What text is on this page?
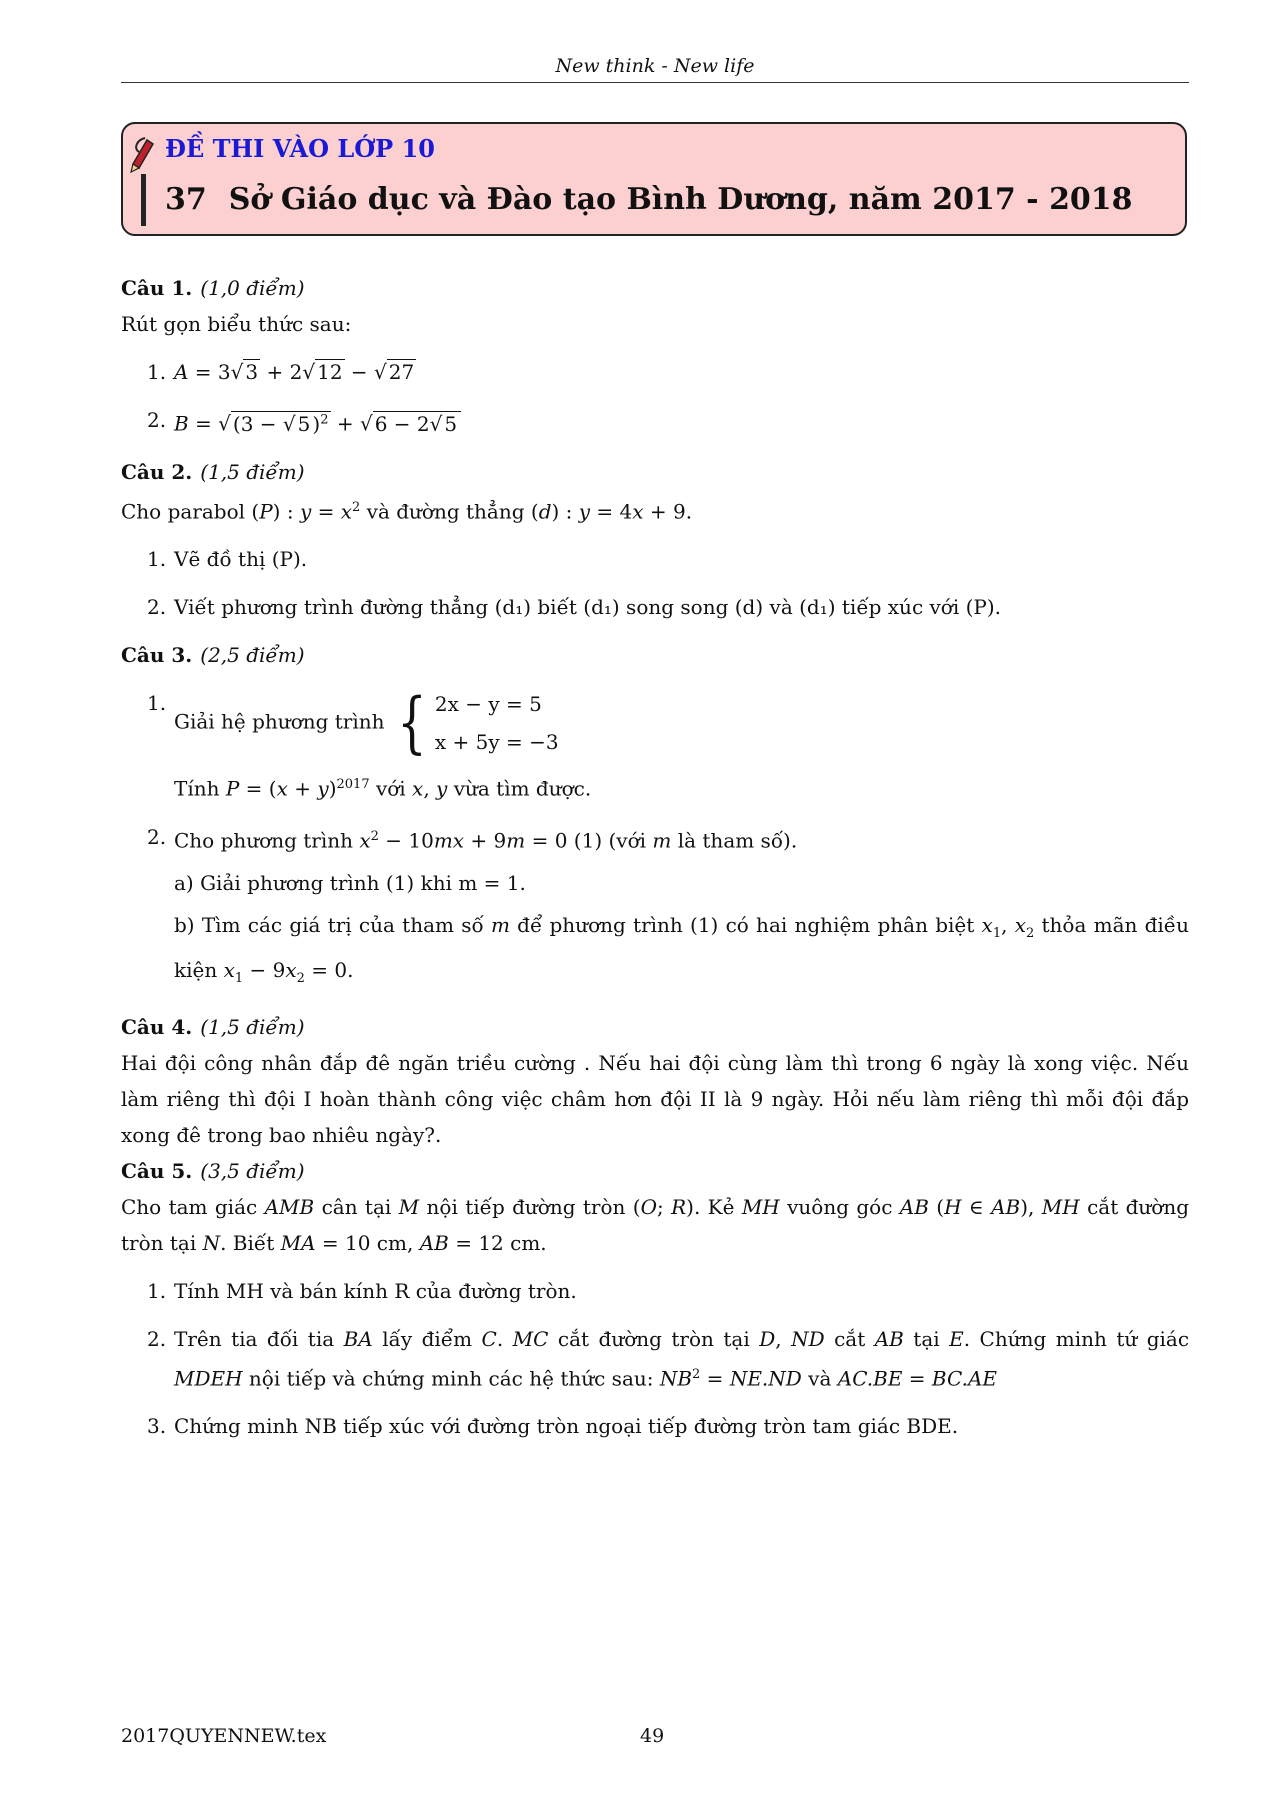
New think - New life
ĐỀ THI VÀO LỚP 10
37 Sở Giáo dục và Đào tạo Bình Dương, năm 2017 - 2018

Câu 1. (1,0 điểm)

Rút gọn biểu thức sau:

1. A = 3√ 3 + 2√ 12 − √ 27
2. B = √ (3 − √ 5 )$^2$ + √ 6 − 2√ 5

Câu 2. (1,5 điểm)

Cho parabol (P) : $y = x^2$ và đường thẳng (d) : y = 4x + 9.

1. Vẽ đồ thị (P).
2. Viết phương trình đường thẳng (d₁) biết (d₁) song song (d) và (d₁) tiếp xúc với (P).

Câu 3. (2,5 điểm)

1.
Giải hệ phương trình { 2x − y = 5
x + 5y = −3
Tính $P = (x + y)^{2017}$ với x, y vừa tìm được.
2. Cho phương trình $x^2 - 10mx + 9m = 0$ (1) (với m là tham số).
a) Giải phương trình (1) khi m = 1.
b) Tìm các giá trị của tham số m để phương trình (1) có hai nghiệm phân biệt $x_1$, $x_2$ thỏa mãn điều kiện $x_1 - 9x_2 = 0$.

Câu 4. (1,5 điểm)

Hai đội công nhân đắp đê ngăn triều cường . Nếu hai đội cùng làm thì trong 6 ngày là xong việc. Nếu làm riêng thì đội I hoàn thành công việc châm hơn đội II là 9 ngày. Hỏi nếu làm riêng thì mỗi đội đắp xong đê trong bao nhiêu ngày?.

Câu 5. (3,5 điểm)

Cho tam giác AMB cân tại M nội tiếp đường tròn (O; R). Kẻ MH vuông góc AB (H ∈ AB), MH cắt đường tròn tại N. Biết MA = 10 cm, AB = 12 cm.

1. Tính MH và bán kính R của đường tròn.
2. Trên tia đối tia BA lấy điểm C. MC cắt đường tròn tại D, ND cắt AB tại E. Chứng minh tứ giác MDEH nội tiếp và chứng minh các hệ thức sau: $NB^2 = NE.ND$ và AC.BE = BC.AE
3. Chứng minh NB tiếp xúc với đường tròn ngoại tiếp đường tròn tam giác BDE.
2017QUYENNEW.tex	49
